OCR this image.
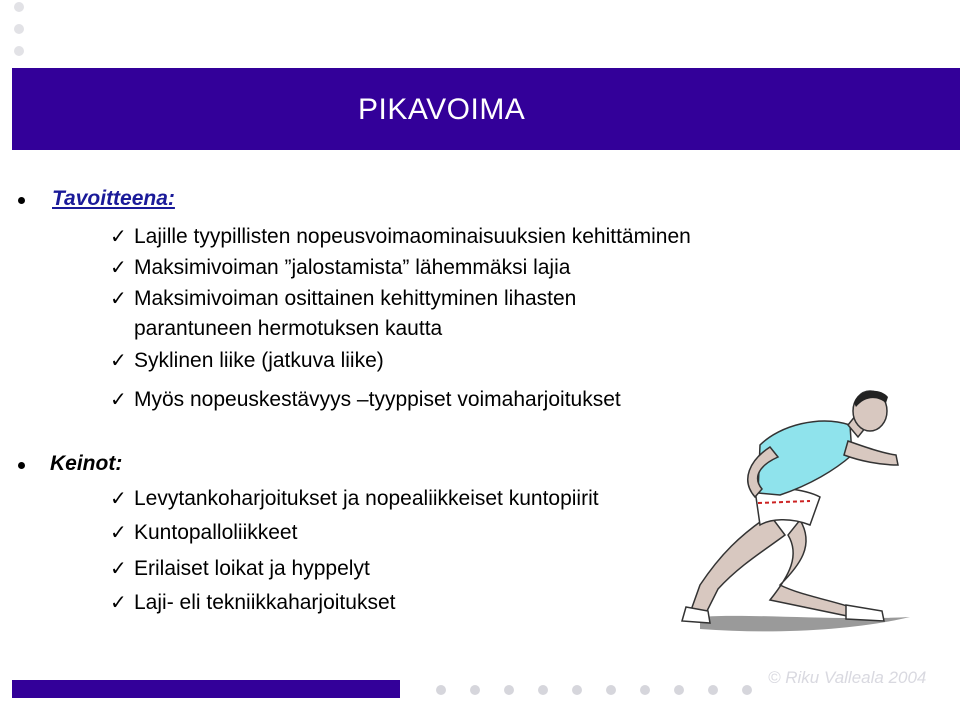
PIKAVOIMA
Tavoitteena:
✓ Lajille tyypillisten nopeusvoimaominaisuuksien kehittäminen
✓ Maksimivoiman ”jalostamista” lähemmäksi lajia
✓ Maksimivoiman osittainen kehittyminen lihasten
parantuneen hermotuksen kautta
✓ Syklinen liike (jatkuva liike)
✓ Myös nopeuskestävyys –tyyppiset voimaharjoitukset
Keinot:
✓ Levytankoharjoitukset ja nopealiikkeiset kuntopiirit
✓ Kuntopalloliikkeet
✓ Erilaiset loikat ja hyppelyt
✓ Laji- eli tekniikkaharjoitukset
© Riku Valleala 2004
